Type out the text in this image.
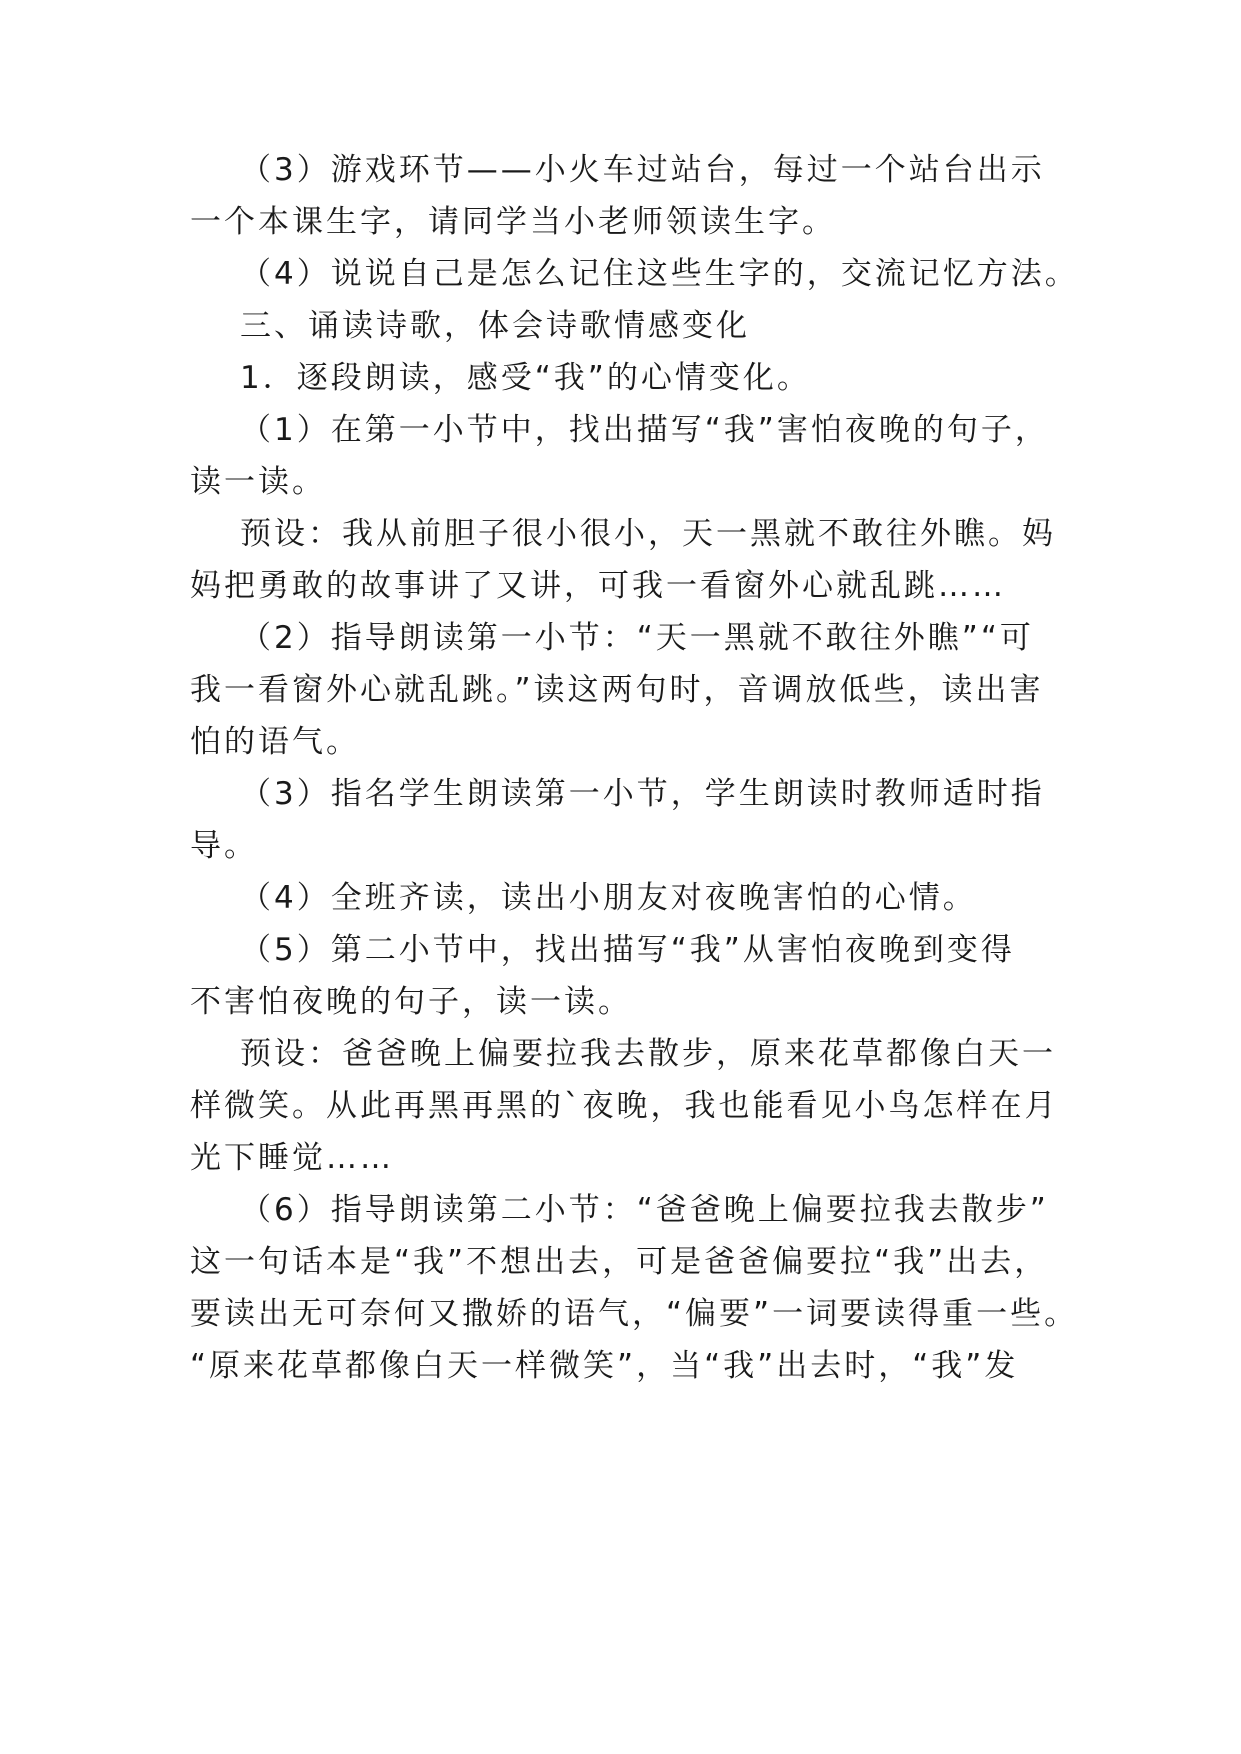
（3）游戏环节——小火车过站台，每过一个站台出示
一个本课生字，请同学当小老师领读生字。
（4）说说自己是怎么记住这些生字的，交流记忆方法。
三、诵读诗歌，体会诗歌情感变化
1．逐段朗读，感受“我”的心情变化。
（1）在第一小节中，找出描写“我”害怕夜晚的句子，
读一读。
预设：我从前胆子很小很小，天一黑就不敢往外瞧。妈
妈把勇敢的故事讲了又讲，可我一看窗外心就乱跳……
（2）指导朗读第一小节：“天一黑就不敢往外瞧”“可
我一看窗外心就乱跳。”读这两句时，音调放低些，读出害
怕的语气。
（3）指名学生朗读第一小节，学生朗读时教师适时指
导。
（4）全班齐读，读出小朋友对夜晚害怕的心情。
（5）第二小节中，找出描写“我”从害怕夜晚到变得
不害怕夜晚的句子，读一读。
预设：爸爸晚上偏要拉我去散步，原来花草都像白天一
样微笑。从此再黑再黑的`夜晚，我也能看见小鸟怎样在月
光下睡觉……
（6）指导朗读第二小节：“爸爸晚上偏要拉我去散步”
这一句话本是“我”不想出去，可是爸爸偏要拉“我”出去，
要读出无可奈何又撒娇的语气，“偏要”一词要读得重一些。
“原来花草都像白天一样微笑”，当“我”出去时，“我”发
